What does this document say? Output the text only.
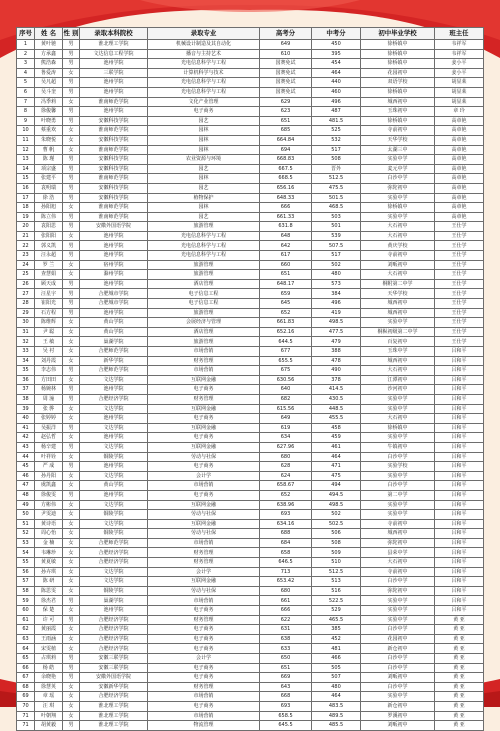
序号	姓 名	性 别	录取本科院校	录取专业	高考分	中考分	初中毕业学校	班主任
1	黄叶驰	男	淮北理工学院	机械设计制造及其自动化	649	450	徐桥镇中	韦祥军
2	方承鑫	男	文达信息工程学院	播音与主持艺术	610	395	徐桥镇中	韦祥军
3	熊浩森	男	池州学院	光电信息科学与工程	国赛免试	454	徐桥镇中	姜小平
4	鲁爱涛	女	三联学院	计算机科学与技术	国赛免试	464	花园初中	姜小平
5	吴凡超	男	池州学院	光电信息科学与工程	国赛免试	440	双语学校	胡显莱
6	吴斗奎	男	池州学院	光电信息科学与工程	国赛免试	460	徐桥镇中	胡显莱
7	冯季莉	女	淮南师范学院	文化产业管理	629	496	城西初中	胡显莱
8	徐俊馨	男	池州学院	电子商务	623	487	玉珠初中	章 玲
9	叶晓勇	男	安徽科技学院	园艺	651	481.5	徐桥镇中	高章艳
10	蔡重欢	女	淮南师范学院	园林	685	525	寺前初中	高章艳
11	朱晓悦	女	安徽科技学院	园林	664.84	532	天华学校	高章艳
12	曹 帆	女	淮南师范学院	园林	694	517	太湖三中	高章艳
13	陈 瑾	男	安徽科技学院	农业资源与环境	668.83	508	实验中学	高章艳
14	项宗盛	男	安徽科技学院	园艺	667.5	晋外	麦元中学	高章艳
15	张建平	男	淮南师范学院	园林	668.5	512.5	白沙中学	高章艳
16	袁明瑞	男	安徽科技学院	园艺	656.16	475.5	弥陀初中	高章艳
17	徐 浩	男	安徽科技学院	植物保护	648.33	501.5	实验中学	高章艳
18	孙阳旭	女	淮南师范学院	园林	666	468.5	徐桥镇中	高章艳
19	陈立伟	男	淮南师范学院	园艺	661.33	503	实验中学	高章艳
20	袁阳思	男	安徽外国语学院	旅游管理	631.8	501	大石初中	王仕学
21	张阳阳	女	池州学院	光电信息科学与工程	648	539	大石初中	王仕学
22	郭义凯	男	池州学院	光电信息科学与工程	642	507.5	黄庆学校	王仕学
23	汪永超	男	池州学院	光电信息科学与工程	617	517	寺前初中	王仕学
24	罗 兰	女	宿州学院	旅游管理	660	502	刘畈初中	王仕学
25	查慧娟	女	滁州学院	旅游管理	651	480	大石初中	王仕学
26	顾天成	男	池州学院	酒店管理	648.17	573	桐附第二中学	王仕学
27	汪星宇	男	合肥城市学院	电子信息工程	659	384	天华学校	王仕学
28	崔阳光	男	合肥城市学院	电子信息工程	645	496	城西初中	王仕学
29	石方程	男	池州学院	旅游管理	652	419	城西初中	王仕学
30	陈维辉	女	黄山学院	会展经济与管理	661.83	498.5	实验中学	王仕学
31	尹 聪	女	黄山学院	酒店管理	652.16	477.5	桐枞初级第二中学	王仕学
32	王 敏	女	巢湖学院	旅游管理	644.5	479	百复初中	王仕学
33	吴 衬	女	合肥师范学院	市场营销	677	388	玉珠中学	吕和平
34	刘丹霞	女	新华学院	财务管理	655.5	478	城西初中	吕和平
35	李志伟	男	合肥师范学院	市场营销	675	490	大石初中	吕和平
36	方田田	女	文达学院	互联网金融	630.56	378	江潭初中	吕和平
37	杨婉林	男	池州学院	电子商务	640	414.5	沙河初中	吕和平
38	周 潼	男	合肥经济学院	财务管理	682	430.5	实验中学	吕和平
39	张 骅	女	文达学院	互联网金融	615.56	448.5	实验中学	吕和平
40	张婷婷	女	池州学院	电子商务	649	455.5	大石初中	吕和平
41	吴振洋	男	文达学院	互联网金融	619	458	徐桥镇中	吕和平
42	赵弘哲	女	池州学院	电子商务	634	459	实验中学	吕和平
43	杨辛建	男	文达学院	互联网金融	627.96	461	牛镇初中	吕和平
44	叶祥铨	女	铜陵学院	劳动与社保	680	464	白沙中学	吕和平
45	严 成	男	池州学院	电子商务	628	471	实验学校	吕和平
46	孙丹阳	女	文达学院	会计学	624	475	实验中学	吕和平
47	虞凯鑫	女	黄山学院	市场营销	658.67	494	白沙中学	吕和平
48	徐俊雯	男	池州学院	电子商务	652	494.5	第二中学	吕和平
49	方彬伟	女	文达学院	互联网金融	638.96	498.5	实验中学	吕和平
50	尹雯迪	女	铜陵学院	劳动与社保	693	502	实验中学	吕和平
51	黄诗语	女	文达学院	互联网金融	634.16	502.5	寺前初中	吕和平
52	周心怡	女	铜陵学院	劳动与社保	688	506	城西初中	吕和平
53	金 楠	女	合肥师范学院	市场营销	684	508	弥陀初中	吕和平
54	韦琳珍	女	合肥经济学院	财务管理	658	509	县荣中学	吕和平
55	黄夏敏	女	合肥经济学院	财务管理	646.5	510	大石初中	吕和平
56	孙卉琪	女	文达学院	会计学	713	512.5	寺前初中	吕和平
57	陈 研	女	文达学院	互联网金融	653.42	513	白沙中学	吕和平
58	陈思雯	女	铜陵学院	劳动与社保	680	516	弥陀初中	吕和平
59	徐杰君	男	巢湖学院	市场营销	661	522.5	实验中学	吕和平
60	保 楚	女	池州学院	电子商务	666	529	实验中学	吕和平
61	许 可	男	合肥经济学院	财务管理	622	465.5	实验中学	黄 亚
62	黄丽霞	女	合肥经济学院	电子商务	631	385	白沙中学	黄 亚
63	王雨涵	女	合肥经济学院	电子商务	638	452	花园初中	黄 亚
64	宋雯植	女	合肥经济学院	电子商务	633	481	新仓初中	黄 亚
65	占琪莉	男	安徽三联学院	会计学	650	466	白沙中学	黄 亚
66	杨 皓	男	安徽三联学院	电子商务	651	505	白沙中学	黄 亚
67	余晓艳	男	安徽外国语学院	电子商务	669	507	刘畈初中	黄 亚
68	徐慧英	女	安徽新华学院	财务管理	643	480	白沙中学	黄 亚
69	章 瑶	女	合肥经济学院	市场营销	668	464	实验中学	黄 亚
70	汪 琪	女	淮北理工学院	电子商务	693	483.5	新仓初中	黄 亚
71	叶朝翔	女	淮北理工学院	市场营销	658.5	489.5	罗溪初中	黄 亚
71	胡黄毅	男	淮北理工学院	物流管理	645.5	485.5	刘畈初中	黄 亚
